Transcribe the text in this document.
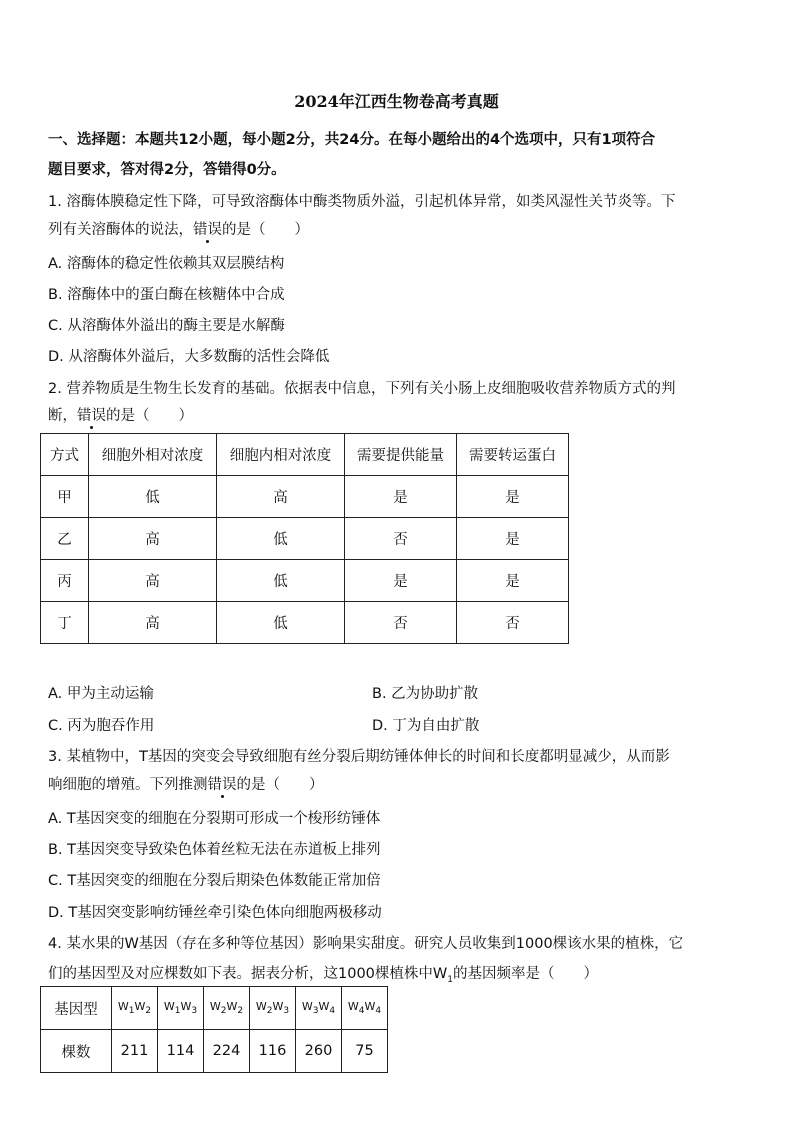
2024年江西生物卷高考真题
一、选择题：本题共12小题，每小题2分，共24分。在每小题给出的4个选项中，只有1项符合
题目要求，答对得2分，答错得0分。
1. 溶酶体膜稳定性下降，可导致溶酶体中酶类物质外溢，引起机体异常，如类风湿性关节炎等。下
列有关溶酶体的说法，错误的是（　　）
A. 溶酶体的稳定性依赖其双层膜结构
B. 溶酶体中的蛋白酶在核糖体中合成
C. 从溶酶体外溢出的酶主要是水解酶
D. 从溶酶体外溢后，大多数酶的活性会降低
2. 营养物质是生物生长发育的基础。依据表中信息，下列有关小肠上皮细胞吸收营养物质方式的判
断，错误的是（　　）
方式	细胞外相对浓度	细胞内相对浓度	需要提供能量	需要转运蛋白
甲	低	高	是	是
乙	高	低	否	是
丙	高	低	是	是
丁	高	低	否	否
A. 甲为主动运输	B. 乙为协助扩散
C. 丙为胞吞作用	D. 丁为自由扩散
3. 某植物中，T基因的突变会导致细胞有丝分裂后期纺锤体伸长的时间和长度都明显减少，从而影
响细胞的增殖。下列推测错误的是（　　）
A. T基因突变的细胞在分裂期可形成一个梭形纺锤体
B. T基因突变导致染色体着丝粒无法在赤道板上排列
C. T基因突变的细胞在分裂后期染色体数能正常加倍
D. T基因突变影响纺锤丝牵引染色体向细胞两极移动
4. 某水果的W基因（存在多种等位基因）影响果实甜度。研究人员收集到1000棵该水果的植株，它
们的基因型及对应棵数如下表。据表分析，这1000棵植株中$W_1$的基因频率是（　　）
基因型	$W_1W_2$	$W_1W_3$	$W_2W_2$	$W_2W_3$	$W_3W_4$	$W_4W_4$
棵数	211	114	224	116	260	75
